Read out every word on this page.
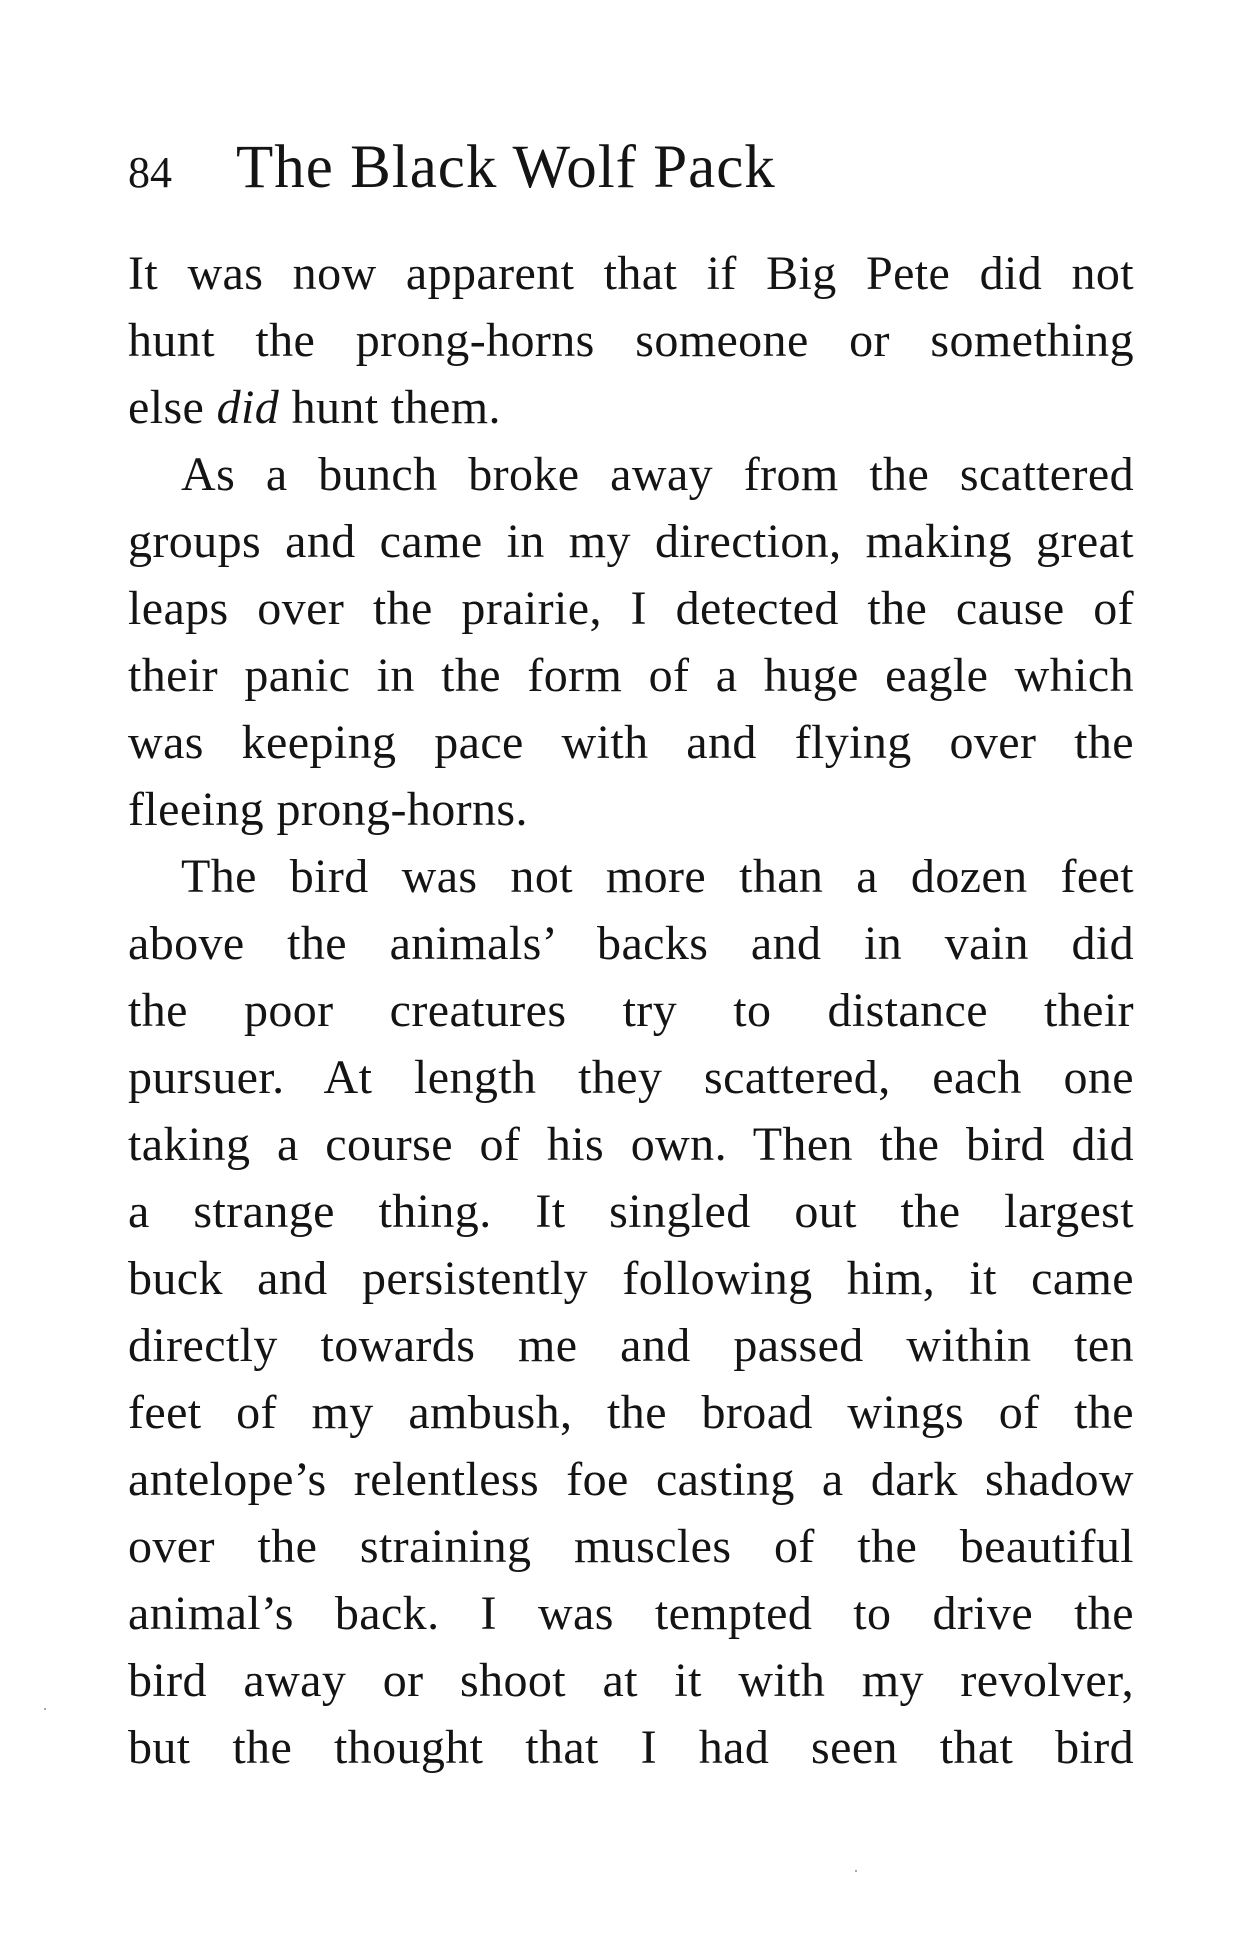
84 The Black Wolf Pack
It was now apparent that if Big Pete did not
hunt the prong-horns someone or something
else did hunt them.
As a bunch broke away from the scattered
groups and came in my direction, making great
leaps over the prairie, I detected the cause of
their panic in the form of a huge eagle which
was keeping pace with and flying over the
fleeing prong-horns.
The bird was not more than a dozen feet
above the animals’ backs and in vain did
the poor creatures try to distance their
pursuer. At length they scattered, each one
taking a course of his own. Then the bird did
a strange thing. It singled out the largest
buck and persistently following him, it came
directly towards me and passed within ten
feet of my ambush, the broad wings of the
antelope’s relentless foe casting a dark shadow
over the straining muscles of the beautiful
animal’s back. I was tempted to drive the
bird away or shoot at it with my revolver,
but the thought that I had seen that bird
